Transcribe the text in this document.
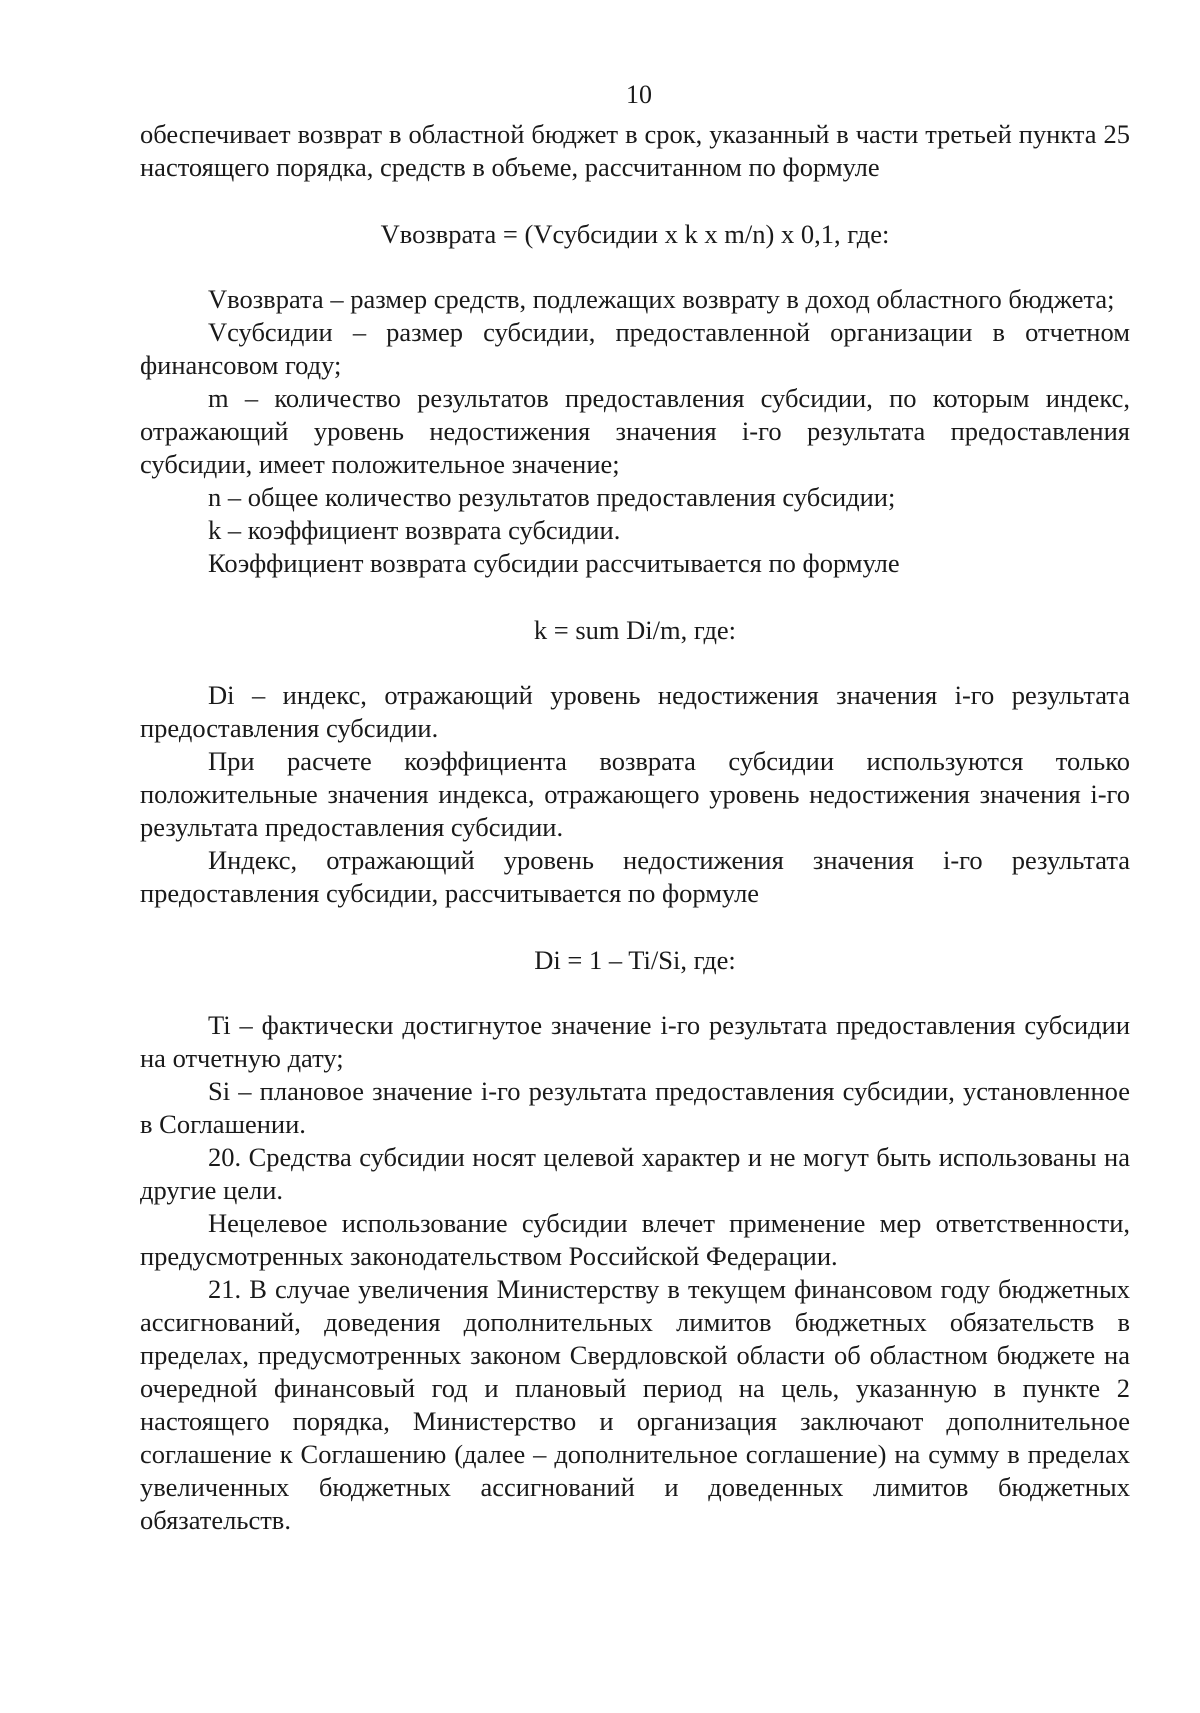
10

обеспечивает возврат в областной бюджет в срок, указанный в части третьей пункта 25 настоящего порядка, средств в объеме, рассчитанном по формуле

Vвозврата = (Vсубсидии x k x m/n) x 0,1, где:

Vвозврата – размер средств, подлежащих возврату в доход областного бюджета;

Vсубсидии – размер субсидии, предоставленной организации в отчетном финансовом году;

m – количество результатов предоставления субсидии, по которым индекс, отражающий уровень недостижения значения i-го результата предоставления субсидии, имеет положительное значение;

n – общее количество результатов предоставления субсидии;

k – коэффициент возврата субсидии.

Коэффициент возврата субсидии рассчитывается по формуле

k = sum Di/m, где:

Di – индекс, отражающий уровень недостижения значения i-го результата предоставления субсидии.

При расчете коэффициента возврата субсидии используются только положительные значения индекса, отражающего уровень недостижения значения i-го результата предоставления субсидии.

Индекс, отражающий уровень недостижения значения i-го результата предоставления субсидии, рассчитывается по формуле

Di = 1 – Ti/Si, где:

Ti – фактически достигнутое значение i-го результата предоставления субсидии на отчетную дату;

Si – плановое значение i-го результата предоставления субсидии, установленное в Соглашении.

20. Средства субсидии носят целевой характер и не могут быть использованы на другие цели.

Нецелевое использование субсидии влечет применение мер ответственности, предусмотренных законодательством Российской Федерации.

21. В случае увеличения Министерству в текущем финансовом году бюджетных ассигнований, доведения дополнительных лимитов бюджетных обязательств в пределах, предусмотренных законом Свердловской области об областном бюджете на очередной финансовый год и плановый период на цель, указанную в пункте 2 настоящего порядка, Министерство и организация заключают дополнительное соглашение к Соглашению (далее – дополнительное соглашение) на сумму в пределах увеличенных бюджетных ассигнований и доведенных лимитов бюджетных обязательств.
